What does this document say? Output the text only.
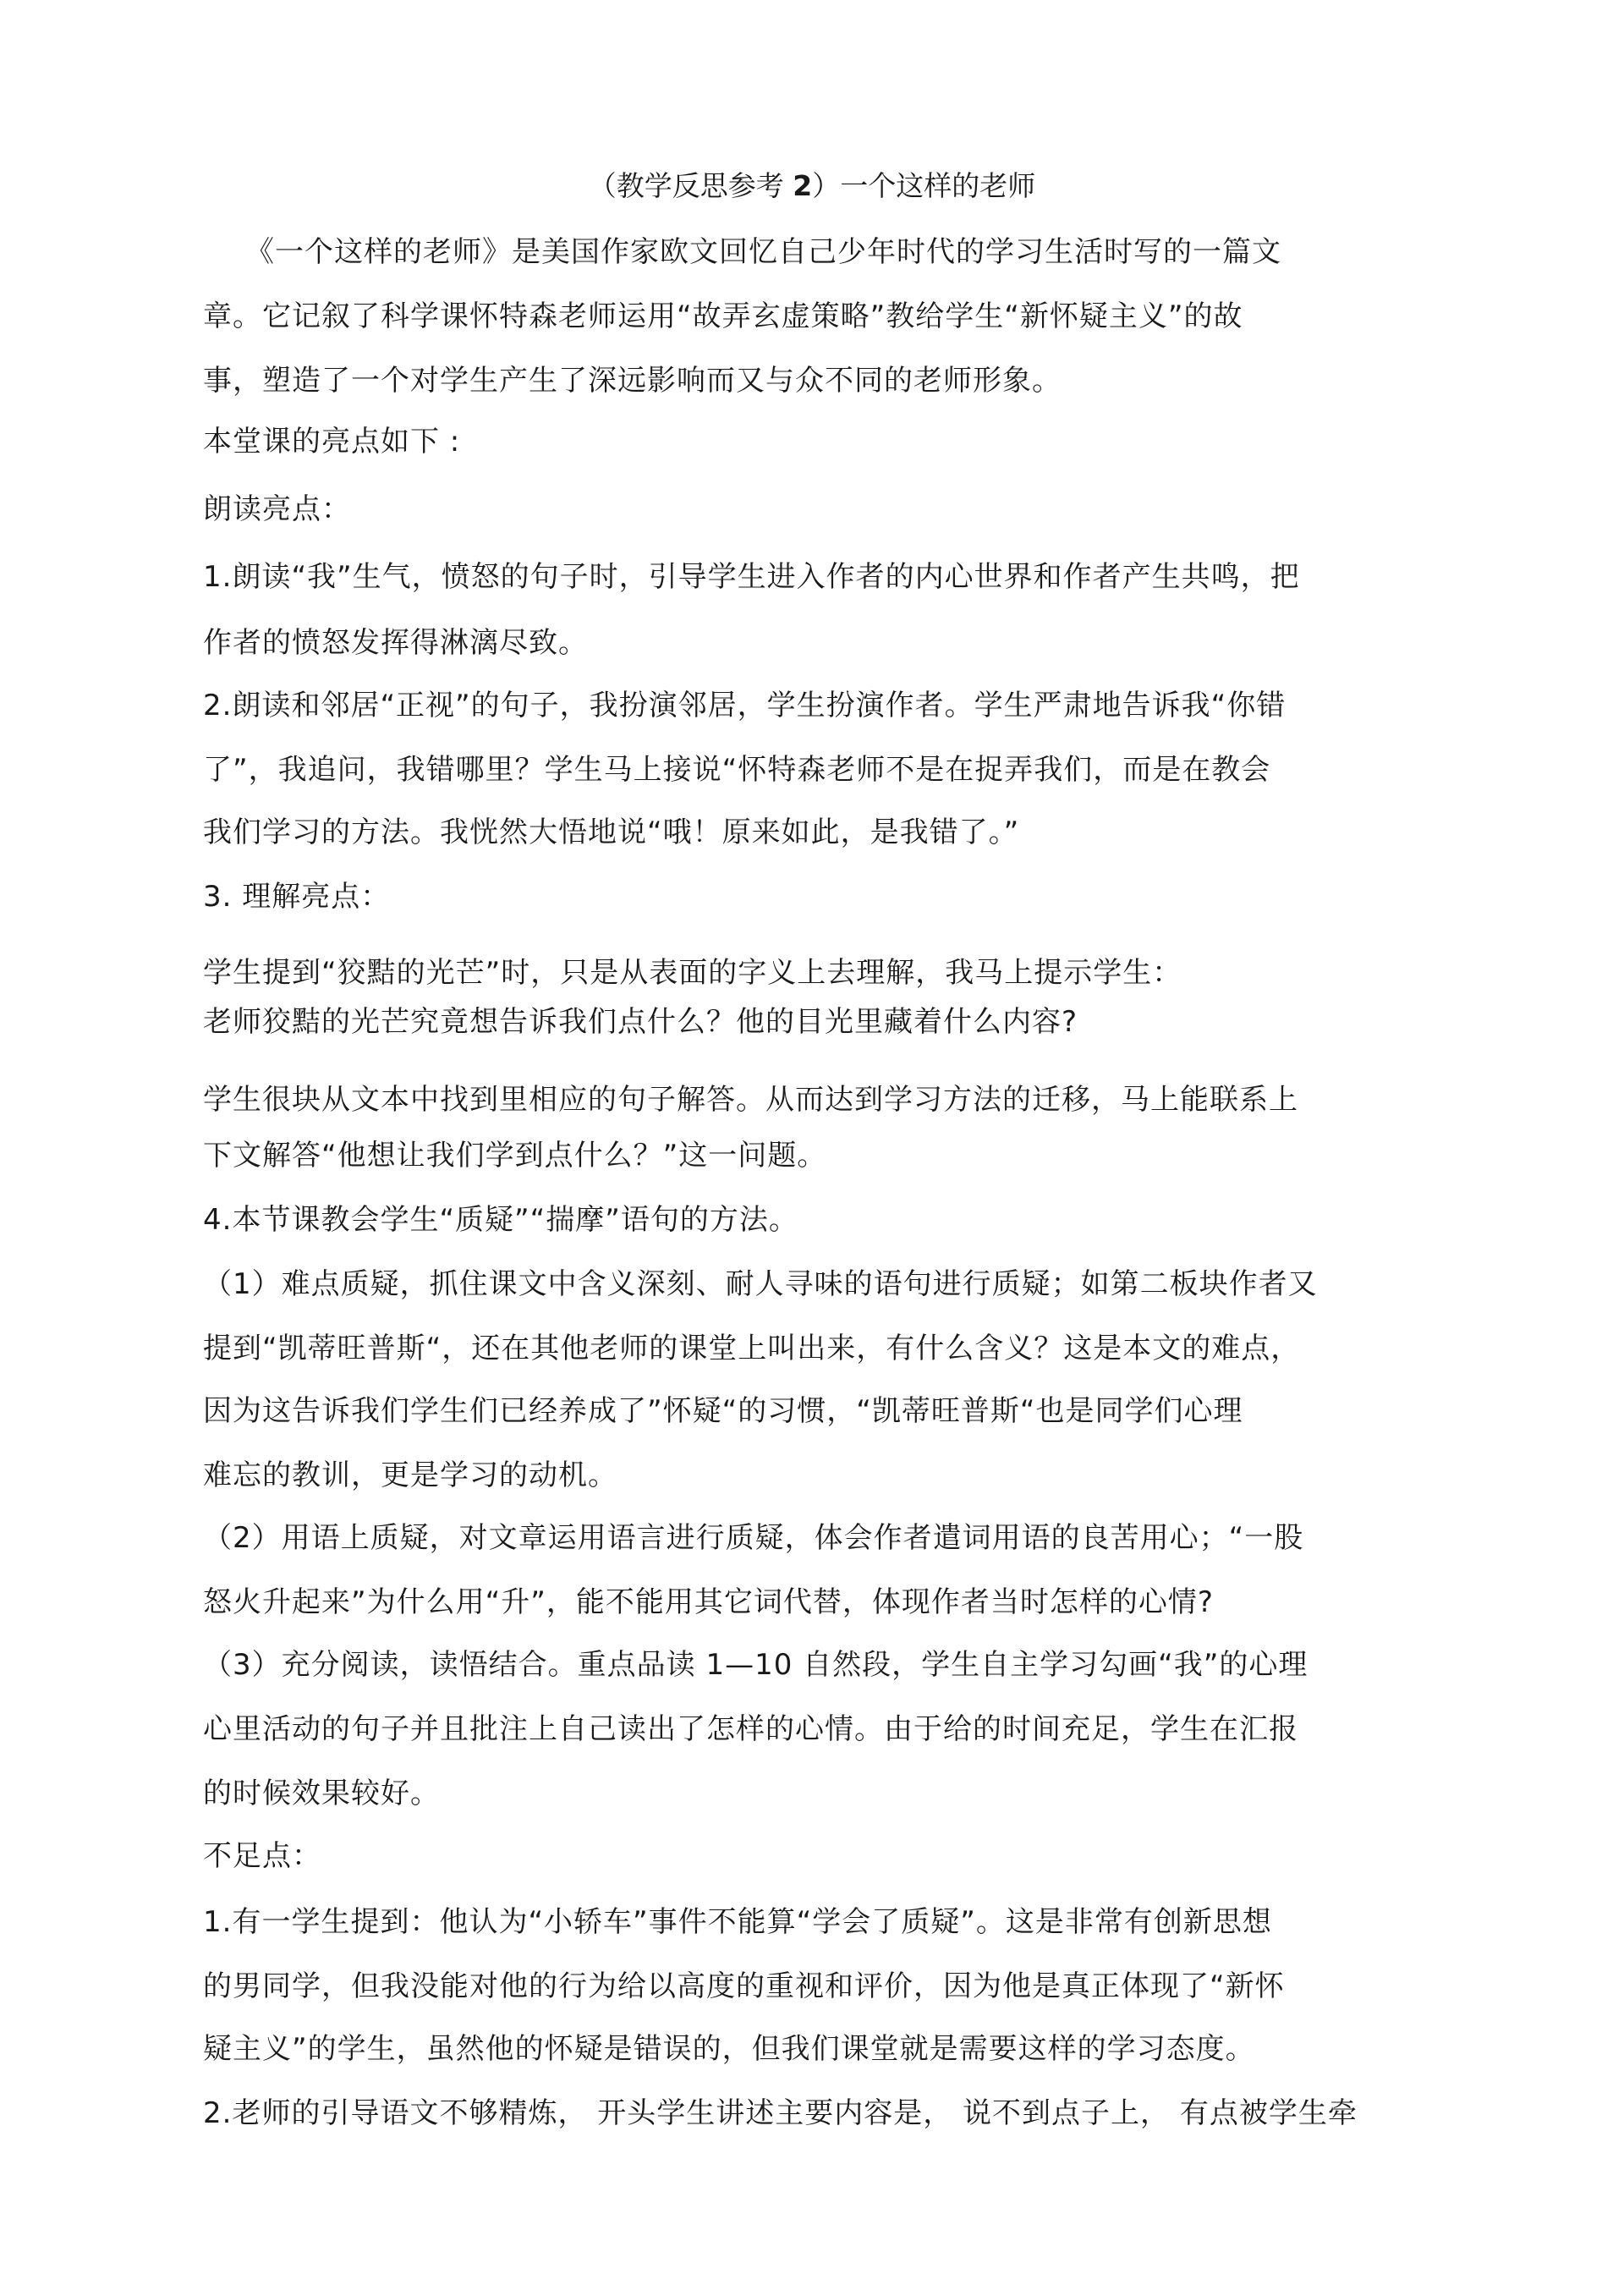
（教学反思参考 2）一个这样的老师
《一个这样的老师》是美国作家欧文回忆自己少年时代的学习生活时写的一篇文
章。它记叙了科学课怀特森老师运用“故弄玄虚策略”教给学生“新怀疑主义”的故
事，塑造了一个对学生产生了深远影响而又与众不同的老师形象。
本堂课的亮点如下 :
朗读亮点：
1.朗读“我”生气，愤怒的句子时，引导学生进入作者的内心世界和作者产生共鸣，把
作者的愤怒发挥得淋漓尽致。
2.朗读和邻居“正视”的句子，我扮演邻居，学生扮演作者。学生严肃地告诉我“你错
了”，我追问，我错哪里？学生马上接说“怀特森老师不是在捉弄我们，而是在教会
我们学习的方法。我恍然大悟地说“哦！原来如此，是我错了。”
3. 理解亮点：
学生提到“狡黠的光芒”时，只是从表面的字义上去理解，我马上提示学生：
老师狡黠的光芒究竟想告诉我们点什么？他的目光里藏着什么内容?
学生很块从文本中找到里相应的句子解答。从而达到学习方法的迁移，马上能联系上
下文解答“他想让我们学到点什么？”这一问题。
4.本节课教会学生“质疑”“揣摩”语句的方法。
（1）难点质疑，抓住课文中含义深刻、耐人寻味的语句进行质疑；如第二板块作者又
提到“凯蒂旺普斯“，还在其他老师的课堂上叫出来，有什么含义？这是本文的难点，
因为这告诉我们学生们已经养成了”怀疑“的习惯，“凯蒂旺普斯“也是同学们心理
难忘的教训，更是学习的动机。
（2）用语上质疑，对文章运用语言进行质疑，体会作者遣词用语的良苦用心；“一股
怒火升起来”为什么用“升”，能不能用其它词代替，体现作者当时怎样的心情?
（3）充分阅读，读悟结合。重点品读 1—10 自然段，学生自主学习勾画“我”的心理
心里活动的句子并且批注上自己读出了怎样的心情。由于给的时间充足，学生在汇报
的时候效果较好。
不足点：
1.有一学生提到：他认为“小轿车”事件不能算“学会了质疑”。这是非常有创新思想
的男同学，但我没能对他的行为给以高度的重视和评价，因为他是真正体现了“新怀
疑主义”的学生，虽然他的怀疑是错误的，但我们课堂就是需要这样的学习态度。
2.老师的引导语文不够精炼， 开头学生讲述主要内容是， 说不到点子上， 有点被学生牵
